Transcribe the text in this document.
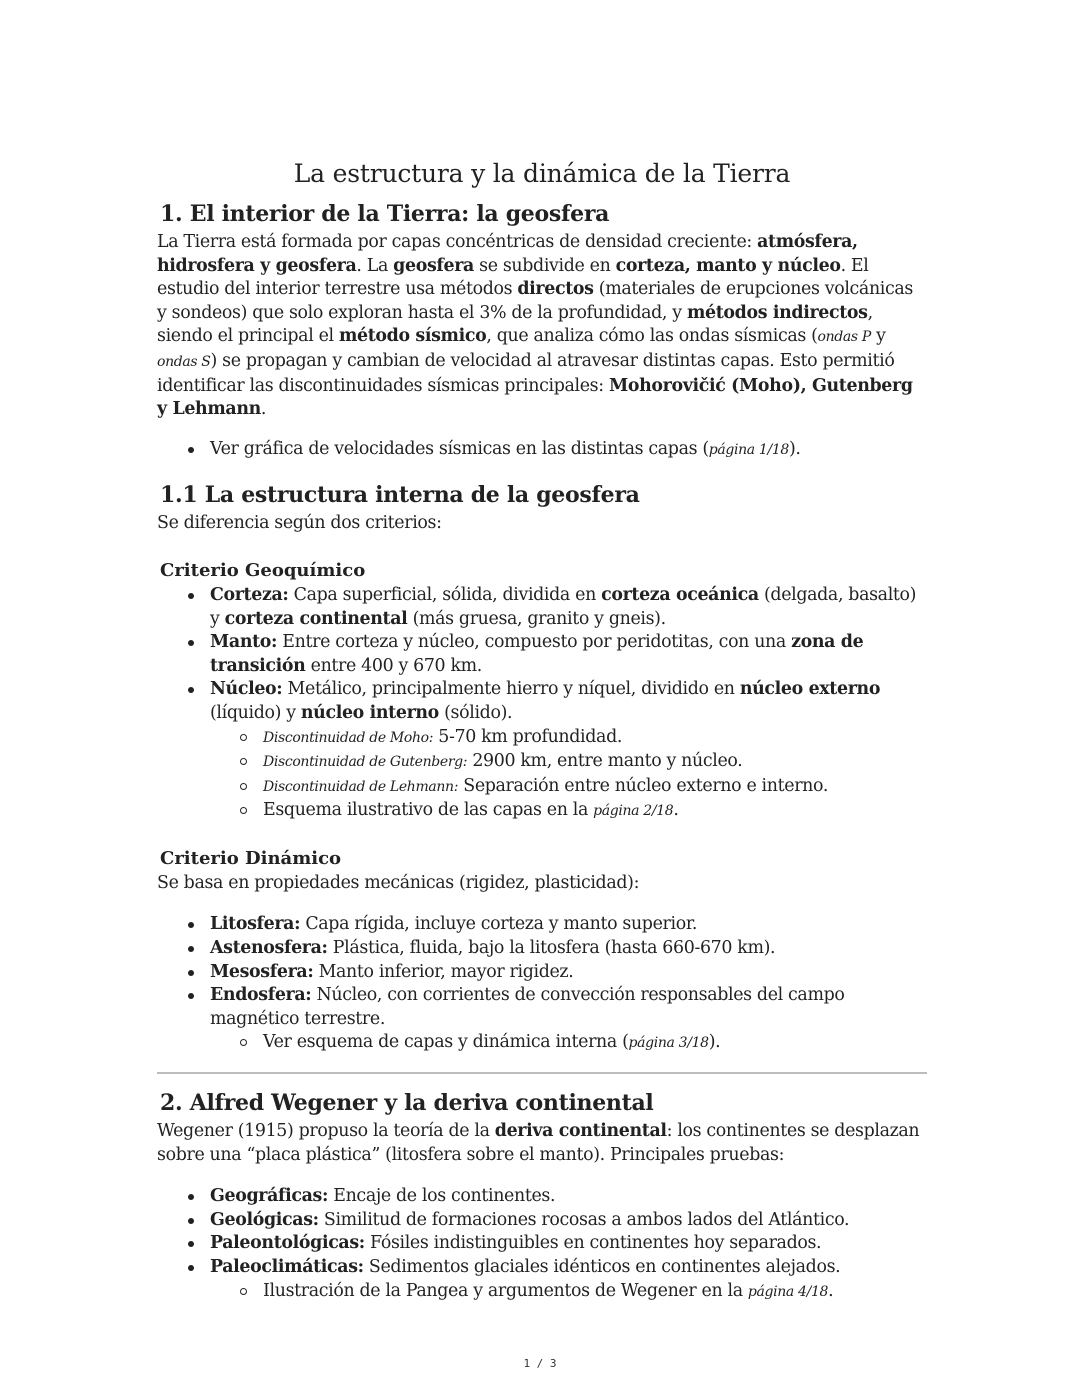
La estructura y la dinámica de la Tierra
1. El interior de la Tierra: la geosfera

La Tierra está formada por capas concéntricas de densidad creciente: atmósfera, hidrosfera y geosfera. La geosfera se subdivide en corteza, manto y núcleo. El estudio del interior terrestre usa métodos directos (materiales de erupciones volcánicas y sondeos) que solo exploran hasta el 3% de la profundidad, y métodos indirectos, siendo el principal el método sísmico, que analiza cómo las ondas sísmicas (ondas P y ondas S) se propagan y cambian de velocidad al atravesar distintas capas. Esto permitió identificar las discontinuidades sísmicas principales: Mohorovičić (Moho), Gutenberg y Lehmann.

Ver gráfica de velocidades sísmicas en las distintas capas (página 1/18).
1.1 La estructura interna de la geosfera

Se diferencia según dos criterios:

Criterio Geoquímico
Corteza: Capa superficial, sólida, dividida en corteza oceánica (delgada, basalto) y corteza continental (más gruesa, granito y gneis).
Manto: Entre corteza y núcleo, compuesto por peridotitas, con una zona de transición entre 400 y 670 km.
Núcleo: Metálico, principalmente hierro y níquel, dividido en núcleo externo (líquido) y núcleo interno (sólido).
Discontinuidad de Moho: 5-70 km profundidad.
Discontinuidad de Gutenberg: 2900 km, entre manto y núcleo.
Discontinuidad de Lehmann: Separación entre núcleo externo e interno.
Esquema ilustrativo de las capas en la página 2/18.
Criterio Dinámico

Se basa en propiedades mecánicas (rigidez, plasticidad):

Litosfera: Capa rígida, incluye corteza y manto superior.
Astenosfera: Plástica, fluida, bajo la litosfera (hasta 660-670 km).
Mesosfera: Manto inferior, mayor rigidez.
Endosfera: Núcleo, con corrientes de convección responsables del campo magnético terrestre.
Ver esquema de capas y dinámica interna (página 3/18).
2. Alfred Wegener y la deriva continental

Wegener (1915) propuso la teoría de la deriva continental: los continentes se desplazan sobre una “placa plástica” (litosfera sobre el manto). Principales pruebas:

Geográficas: Encaje de los continentes.
Geológicas: Similitud de formaciones rocosas a ambos lados del Atlántico.
Paleontológicas: Fósiles indistinguibles en continentes hoy separados.
Paleoclimáticas: Sedimentos glaciales idénticos en continentes alejados.
Ilustración de la Pangea y argumentos de Wegener en la página 4/18.
1 / 3
